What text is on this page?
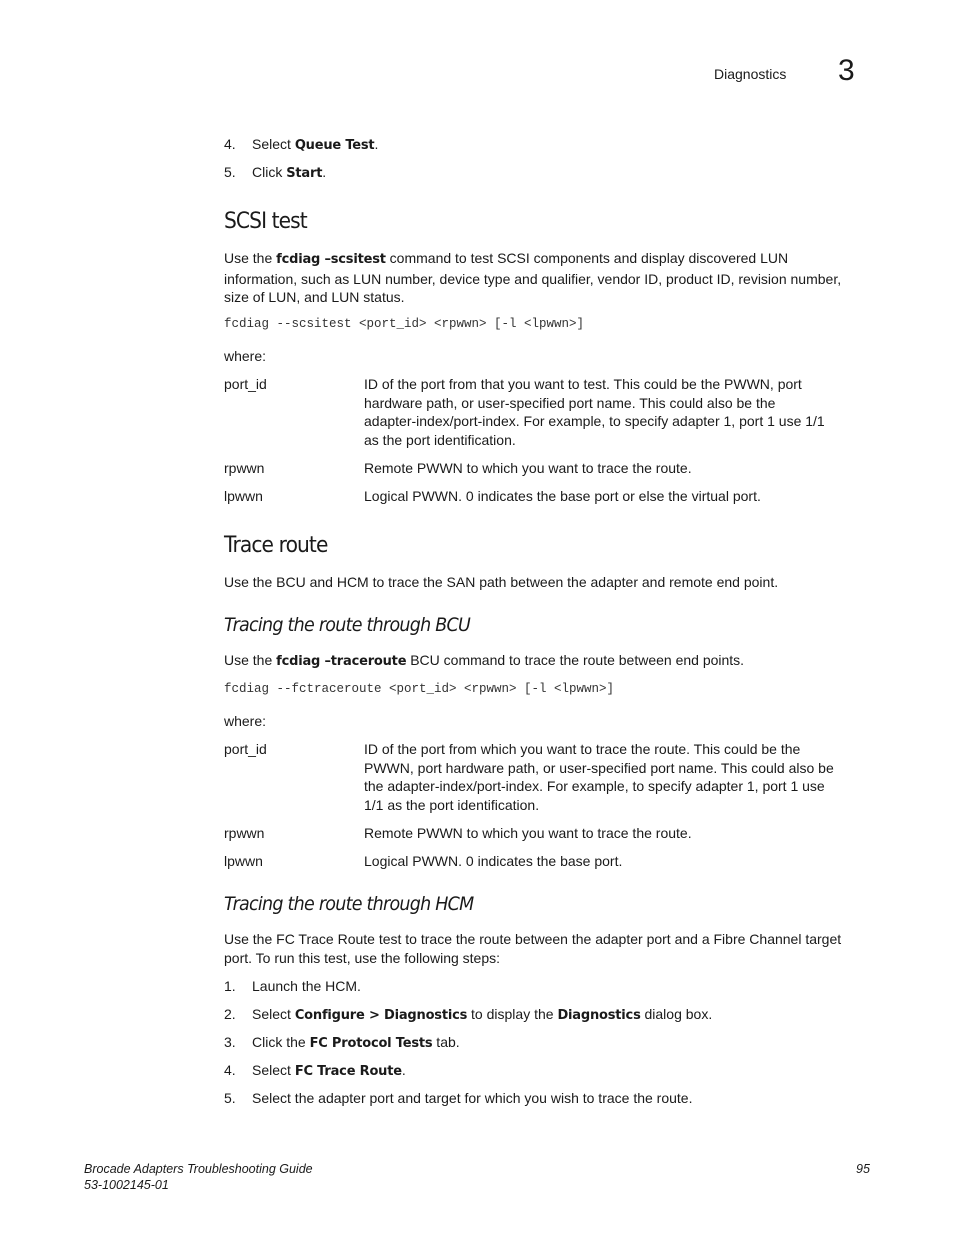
Diagnostics 3
4. Select Queue Test.
5. Click Start.
SCSI test
Use the fcdiag –scsitest command to test SCSI components and display discovered LUN
information, such as LUN number, device type and qualifier, vendor ID, product ID, revision number,
size of LUN, and LUN status.
fcdiag --scsitest <port_id> <rpwwn> [-l <lpwwn>]
where:
port_id	ID of the port from that you want to test. This could be the PWWN, port
hardware path, or user-specified port name. This could also be the
adapter-index/port-index. For example, to specify adapter 1, port 1 use 1/1
as the port identification.
rpwwn	Remote PWWN to which you want to trace the route.
lpwwn	Logical PWWN. 0 indicates the base port or else the virtual port.
Trace route
Use the BCU and HCM to trace the SAN path between the adapter and remote end point.
Tracing the route through BCU
Use the fcdiag –traceroute BCU command to trace the route between end points.
fcdiag --fctraceroute <port_id> <rpwwn> [-l <lpwwn>]
where:
port_id	ID of the port from which you want to trace the route. This could be the
PWWN, port hardware path, or user-specified port name. This could also be
the adapter-index/port-index. For example, to specify adapter 1, port 1 use
1/1 as the port identification.
rpwwn	Remote PWWN to which you want to trace the route.
lpwwn	Logical PWWN. 0 indicates the base port.
Tracing the route through HCM
Use the FC Trace Route test to trace the route between the adapter port and a Fibre Channel target
port. To run this test, use the following steps:
1. Launch the HCM.
2. Select Configure > Diagnostics to display the Diagnostics dialog box.
3. Click the FC Protocol Tests tab.
4. Select FC Trace Route.
5. Select the adapter port and target for which you wish to trace the route.
Brocade Adapters Troubleshooting Guide
53-1002145-01
95
